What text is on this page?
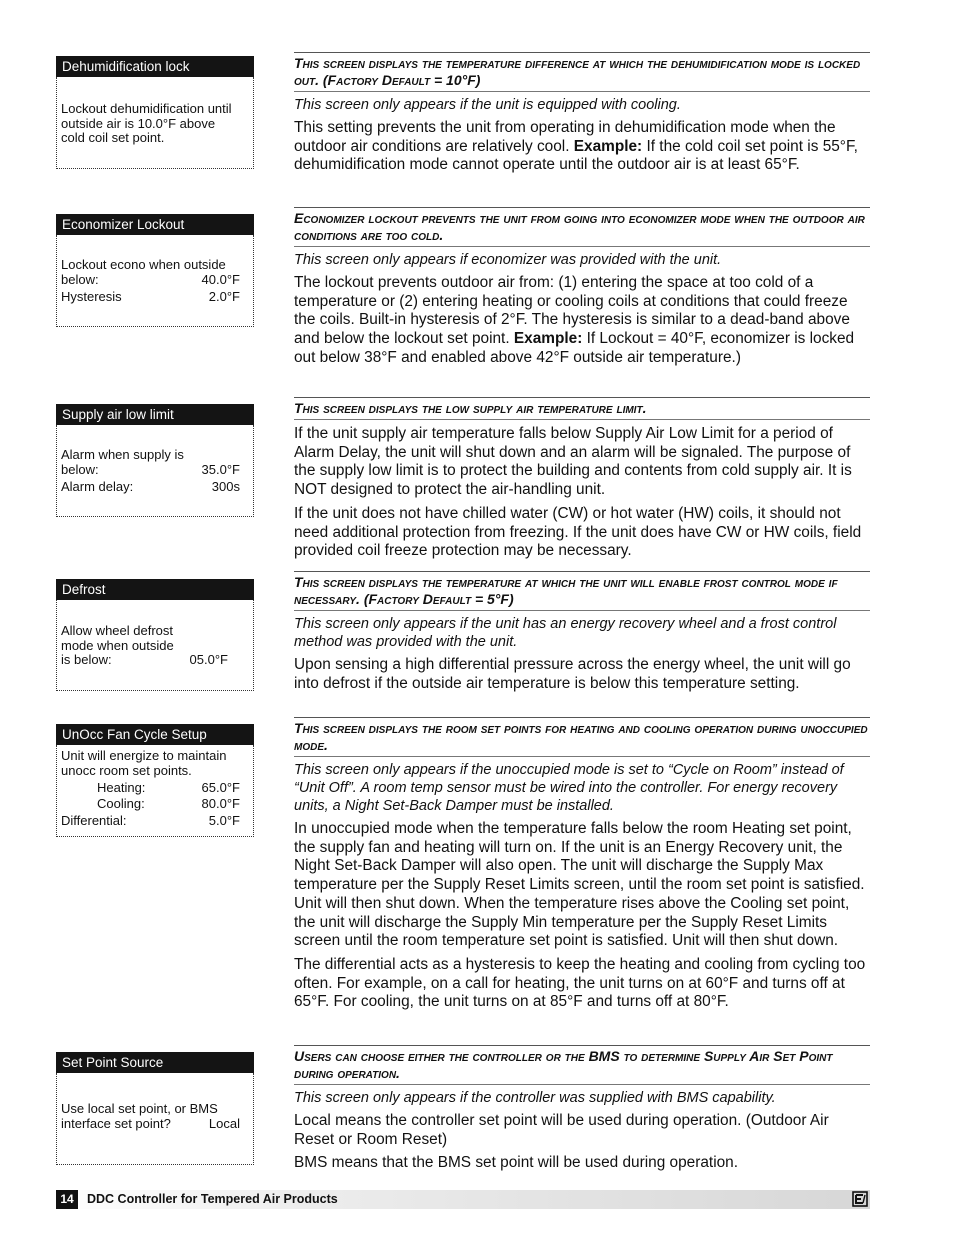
Dehumidification lock
Lockout dehumidification until
outside air is 10.0°F above
cold coil set point.
Economizer Lockout
Lockout econo when outside
below:	40.0°F
Hysteresis	2.0°F
Supply air low limit
Alarm when supply is
below:	35.0°F
Alarm delay:	300s
Defrost
Allow wheel defrost
mode when outside
is below:	05.0°F
UnOcc Fan Cycle Setup
Unit will energize to maintain
unocc room set points.
Heating:	65.0°F
Cooling:	80.0°F
Differential:	5.0°F
Set Point Source
Use local set point, or BMS
interface set point?	Local
This screen displays the temperature difference at which the dehumidification mode is locked out. (Factory Default = 10°F)
This screen only appears if the unit is equipped with cooling.

This setting prevents the unit from operating in dehumidification mode when the outdoor air conditions are relatively cool. Example: If the cold coil set point is 55°F, dehumidification mode cannot operate until the outdoor air is at least 65°F.

Economizer lockout prevents the unit from going into economizer mode when the outdoor air conditions are too cold.
This screen only appears if economizer was provided with the unit.

The lockout prevents outdoor air from: (1) entering the space at too cold of a temperature or (2) entering heating or cooling coils at conditions that could freeze the coils. Built-in hysteresis of 2°F. The hysteresis is similar to a dead-band above and below the lockout set point. Example: If Lockout = 40°F, economizer is locked out below 38°F and enabled above 42°F outside air temperature.)

This screen displays the low supply air temperature limit.

If the unit supply air temperature falls below Supply Air Low Limit for a period of Alarm Delay, the unit will shut down and an alarm will be signaled. The purpose of the supply low limit is to protect the building and contents from cold supply air. It is NOT designed to protect the air-handling unit.

If the unit does not have chilled water (CW) or hot water (HW) coils, it should not need additional protection from freezing. If the unit does have CW or HW coils, field provided coil freeze protection may be necessary.

This screen displays the temperature at which the unit will enable frost control mode if necessary. (Factory Default = 5°F)
This screen only appears if the unit has an energy recovery wheel and a frost control method was provided with the unit.

Upon sensing a high differential pressure across the energy wheel, the unit will go into defrost if the outside air temperature is below this temperature setting.

This screen displays the room set points for heating and cooling operation during unoccupied mode.
This screen only appears if the unoccupied mode is set to “Cycle on Room” instead of “Unit Off”. A room temp sensor must be wired into the controller. For energy recovery units, a Night Set-Back Damper must be installed.

In unoccupied mode when the temperature falls below the room Heating set point, the supply fan and heating will turn on. If the unit is an Energy Recovery unit, the Night Set-Back Damper will also open. The unit will discharge the Supply Max temperature per the Supply Reset Limits screen, until the room set point is satisfied. Unit will then shut down. When the temperature rises above the Cooling set point, the unit will discharge the Supply Min temperature per the Supply Reset Limits screen until the room temperature set point is satisfied. Unit will then shut down.

The differential acts as a hysteresis to keep the heating and cooling from cycling too often. For example, on a call for heating, the unit turns on at 60°F and turns off at 65°F. For cooling, the unit turns on at 85°F and turns off at 80°F.

Users can choose either the controller or the BMS to determine Supply Air Set Point during operation.
This screen only appears if the controller was supplied with BMS capability.

Local means the controller set point will be used during operation. (Outdoor Air Reset or Room Reset)

BMS means that the BMS set point will be used during operation.

14	DDC Controller for Tempered Air Products
